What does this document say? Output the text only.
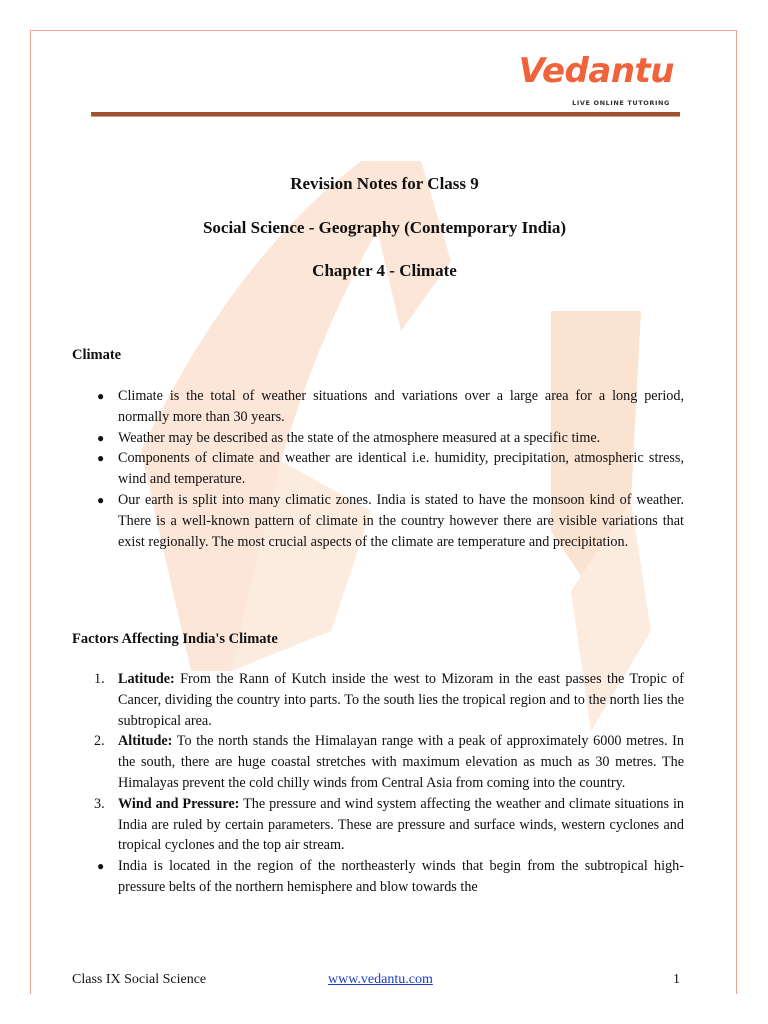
Vedantu
LIVE ONLINE TUTORING
Revision Notes for Class 9
Social Science - Geography (Contemporary India)
Chapter 4 - Climate
Climate
● Climate is the total of weather situations and variations over a large area for a long period, normally more than 30 years.
● Weather may be described as the state of the atmosphere measured at a specific time.
● Components of climate and weather are identical i.e. humidity, precipitation, atmospheric stress, wind and temperature.
● Our earth is split into many climatic zones. India is stated to have the monsoon kind of weather. There is a well-known pattern of climate in the country however there are visible variations that exist regionally. The most crucial aspects of the climate are temperature and precipitation.
Factors Affecting India's Climate
1. Latitude: From the Rann of Kutch inside the west to Mizoram in the east passes the Tropic of Cancer, dividing the country into parts. To the south lies the tropical region and to the north lies the subtropical area.
2. Altitude: To the north stands the Himalayan range with a peak of approximately 6000 metres. In the south, there are huge coastal stretches with maximum elevation as much as 30 metres. The Himalayas prevent the cold chilly winds from Central Asia from coming into the country.
3. Wind and Pressure: The pressure and wind system affecting the weather and climate situations in India are ruled by certain parameters. These are pressure and surface winds, western cyclones and tropical cyclones and the top air stream.
● India is located in the region of the northeasterly winds that begin from the subtropical high-pressure belts of the northern hemisphere and blow towards the
Class IX Social Science	www.vedantu.com	1
